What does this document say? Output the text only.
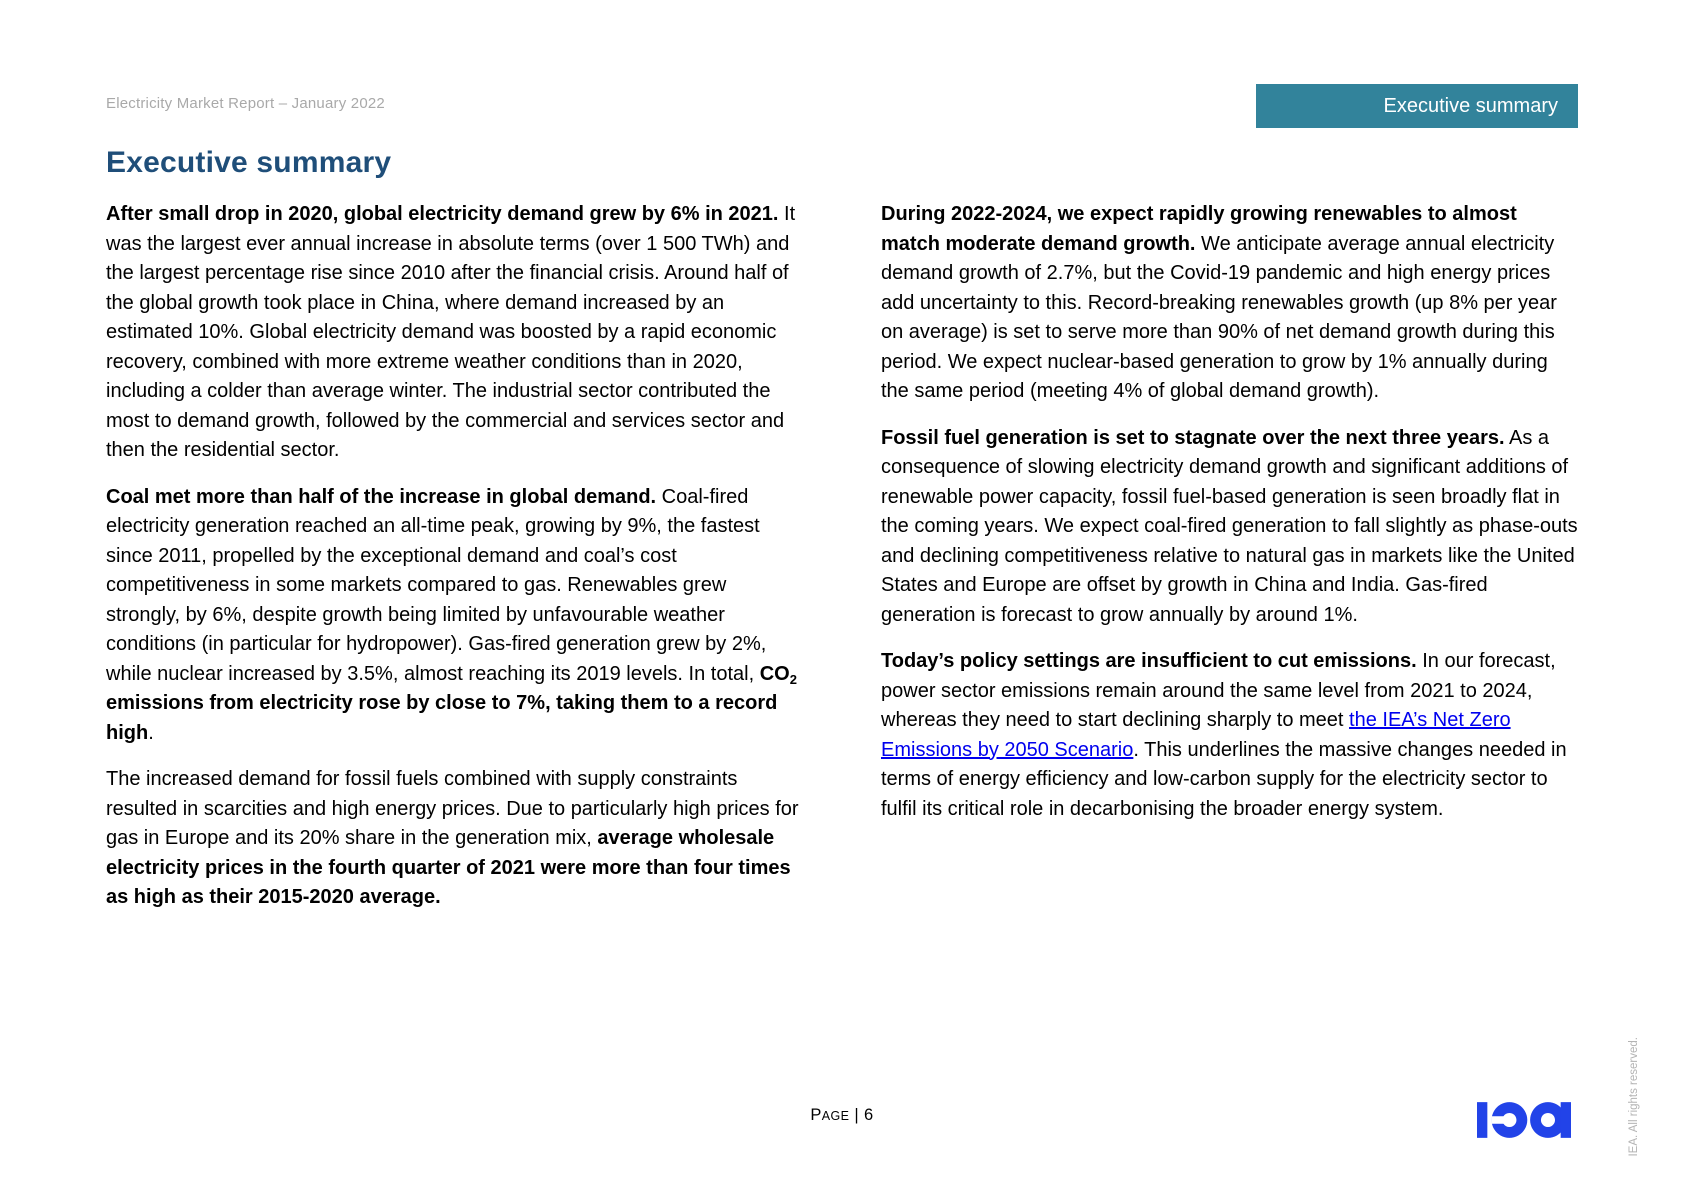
Electricity Market Report – January 2022	Executive summary
Executive summary

After small drop in 2020, global electricity demand grew by 6% in 2021. It was the largest ever annual increase in absolute terms (over 1 500 TWh) and the largest percentage rise since 2010 after the financial crisis. Around half of the global growth took place in China, where demand increased by an estimated 10%. Global electricity demand was boosted by a rapid economic recovery, combined with more extreme weather conditions than in 2020, including a colder than average winter. The industrial sector contributed the most to demand growth, followed by the commercial and services sector and then the residential sector.

Coal met more than half of the increase in global demand. Coal-fired electricity generation reached an all-time peak, growing by 9%, the fastest since 2011, propelled by the exceptional demand and coal’s cost competitiveness in some markets compared to gas. Renewables grew strongly, by 6%, despite growth being limited by unfavourable weather conditions (in particular for hydropower). Gas-fired generation grew by 2%, while nuclear increased by 3.5%, almost reaching its 2019 levels. In total, $CO_2$ emissions from electricity rose by close to 7%, taking them to a record high.

The increased demand for fossil fuels combined with supply constraints resulted in scarcities and high energy prices. Due to particularly high prices for gas in Europe and its 20% share in the generation mix, average wholesale electricity prices in the fourth quarter of 2021 were more than four times as high as their 2015-2020 average.

During 2022-2024, we expect rapidly growing renewables to almost match moderate demand growth. We anticipate average annual electricity demand growth of 2.7%, but the Covid-19 pandemic and high energy prices add uncertainty to this. Record-breaking renewables growth (up 8% per year on average) is set to serve more than 90% of net demand growth during this period. We expect nuclear-based generation to grow by 1% annually during the same period (meeting 4% of global demand growth).

Fossil fuel generation is set to stagnate over the next three years. As a consequence of slowing electricity demand growth and significant additions of renewable power capacity, fossil fuel-based generation is seen broadly flat in the coming years. We expect coal-fired generation to fall slightly as phase-outs and declining competitiveness relative to natural gas in markets like the United States and Europe are offset by growth in China and India. Gas-fired generation is forecast to grow annually by around 1%.

Today’s policy settings are insufficient to cut emissions. In our forecast, power sector emissions remain around the same level from 2021 to 2024, whereas they need to start declining sharply to meet the IEA’s Net Zero Emissions by 2050 Scenario. This underlines the massive changes needed in terms of energy efficiency and low-carbon supply for the electricity sector to fulfil its critical role in decarbonising the broader energy system.

PAGE | 6	IEA. All rights reserved.
